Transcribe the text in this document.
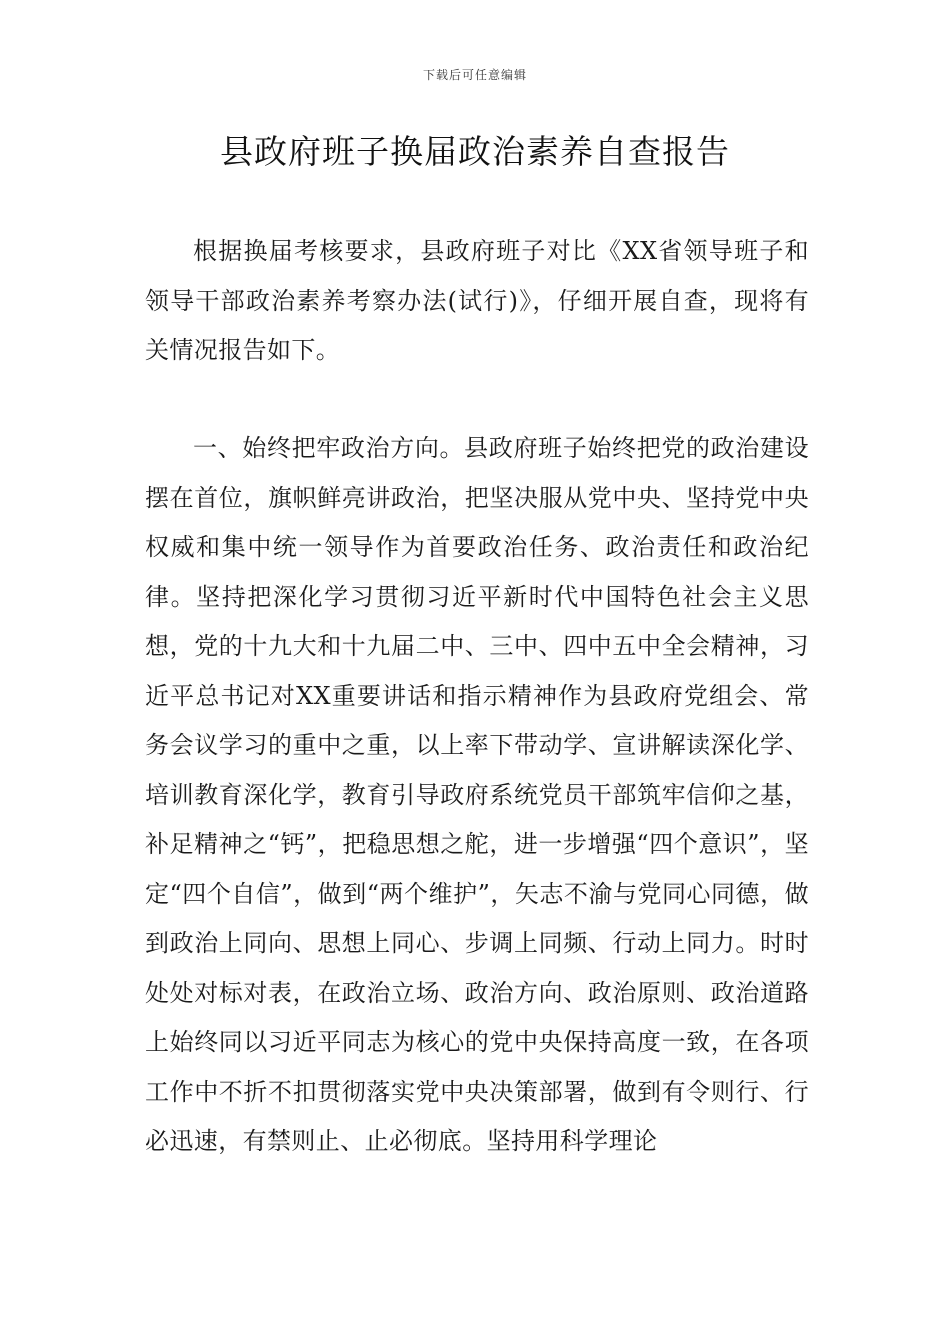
下载后可任意编辑
县政府班子换届政治素养自查报告

根据换届考核要求，县政府班子对比《XX省领导班子和领导干部政治素养考察办法(试行)》，仔细开展自查，现将有关情况报告如下。

一、始终把牢政治方向。县政府班子始终把党的政治建设摆在首位，旗帜鲜亮讲政治，把坚决服从党中央、坚持党中央权威和集中统一领导作为首要政治任务、政治责任和政治纪律。坚持把深化学习贯彻习近平新时代中国特色社会主义思想，党的十九大和十九届二中、三中、四中五中全会精神，习近平总书记对XX重要讲话和指示精神作为县政府党组会、常务会议学习的重中之重，以上率下带动学、宣讲解读深化学、培训教育深化学，教育引导政府系统党员干部筑牢信仰之基，补足精神之“钙”，把稳思想之舵，进一步增强“四个意识”，坚定“四个自信”，做到“两个维护”，矢志不渝与党同心同德，做到政治上同向、思想上同心、步调上同频、行动上同力。时时处处对标对表，在政治立场、政治方向、政治原则、政治道路上始终同以习近平同志为核心的党中央保持高度一致，在各项工作中不折不扣贯彻落实党中央决策部署，做到有令则行、行必迅速，有禁则止、止必彻底。坚持用科学理论
